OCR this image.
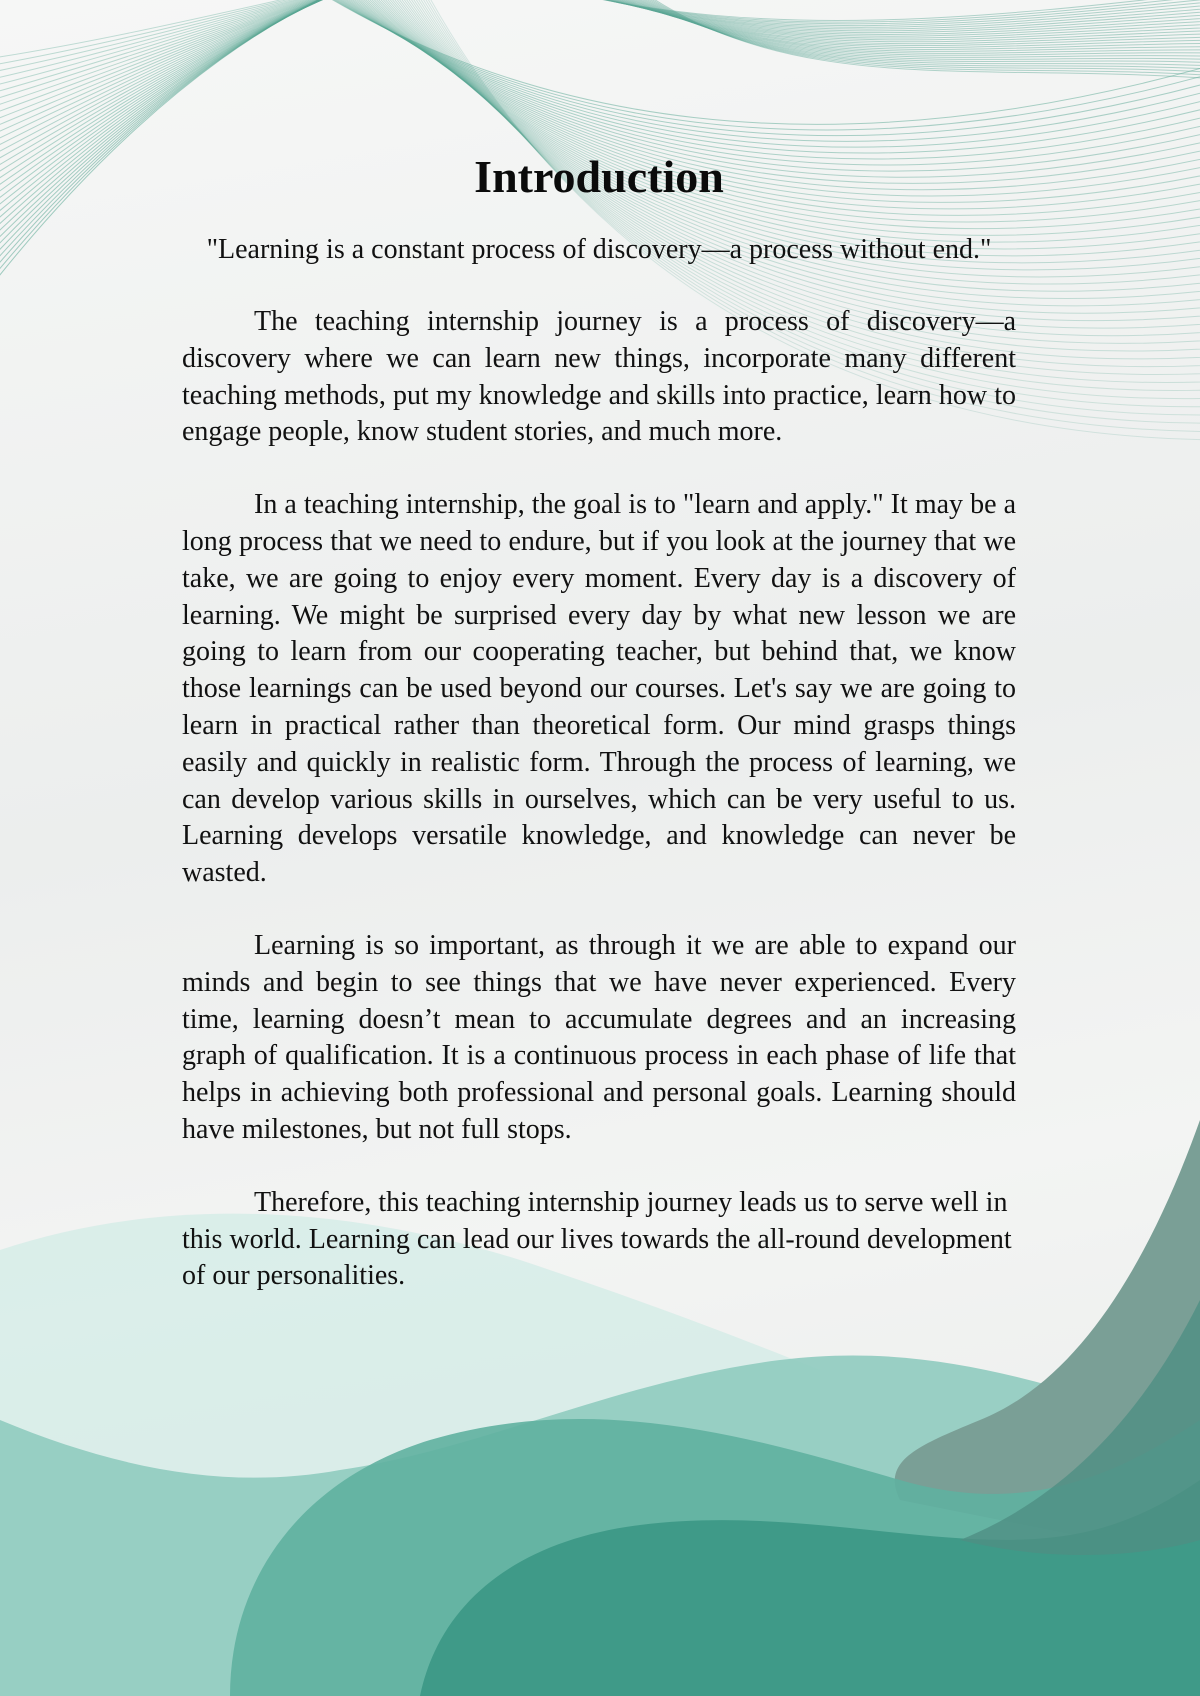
Introduction

"Learning is a constant process of discovery—a process without end."

The teaching internship journey is a process of discovery—a discovery where we can learn new things, incorporate many different teaching methods, put my knowledge and skills into practice, learn how to engage people, know student stories, and much more.

In a teaching internship, the goal is to "learn and apply." It may be a long process that we need to endure, but if you look at the journey that we take, we are going to enjoy every moment. Every day is a discovery of learning. We might be surprised every day by what new lesson we are going to learn from our cooperating teacher, but behind that, we know those learnings can be used beyond our courses. Let's say we are going to learn in practical rather than theoretical form. Our mind grasps things easily and quickly in realistic form. Through the process of learning, we can develop various skills in ourselves, which can be very useful to us. Learning develops versatile knowledge, and knowledge can never be wasted.

Learning is so important, as through it we are able to expand our minds and begin to see things that we have never experienced. Every time, learning doesn’t mean to accumulate degrees and an increasing graph of qualification. It is a continuous process in each phase of life that helps in achieving both professional and personal goals. Learning should have milestones, but not full stops.

Therefore, this teaching internship journey leads us to serve well in this world. Learning can lead our lives towards the all-round development of our personalities.
